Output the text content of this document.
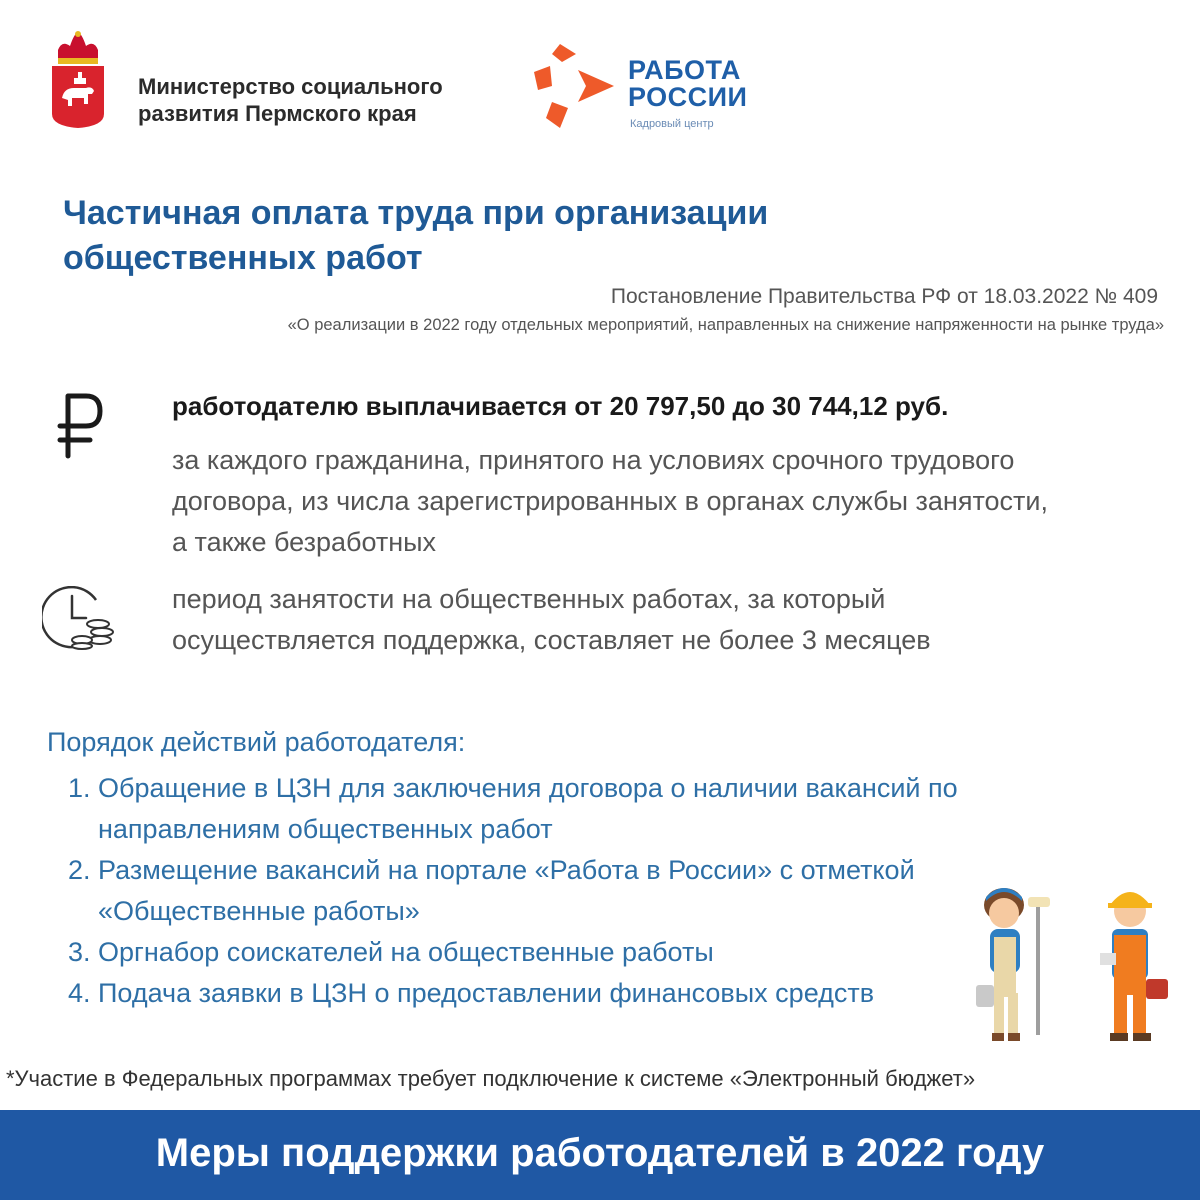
Министерство социального
развития Пермского края
РАБОТА
РОССИИ
Кадровый центр
Частичная оплата труда при организации
общественных работ
Постановление Правительства РФ от 18.03.2022 № 409
«О реализации в 2022 году отдельных мероприятий, направленных на снижение напряженности на рынке труда»
работодателю выплачивается от 20 797,50 до 30 744,12 руб.
за каждого гражданина, принятого на условиях срочного трудового
договора, из числа зарегистрированных в органах службы занятости,
а также безработных
период занятости на общественных работах, за который
осуществляется поддержка, составляет не более 3 месяцев
Порядок действий работодателя:
1. Обращение в ЦЗН для заключения договора о наличии вакансий по
направлениям общественных работ
2. Размещение вакансий на портале «Работа в России» с отметкой
«Общественные работы»
3. Оргнабор соискателей на общественные работы
4. Подача заявки в ЦЗН о предоставлении финансовых средств
*Участие в Федеральных программах требует подключение к системе «Электронный бюджет»
Меры поддержки работодателей в 2022 году
